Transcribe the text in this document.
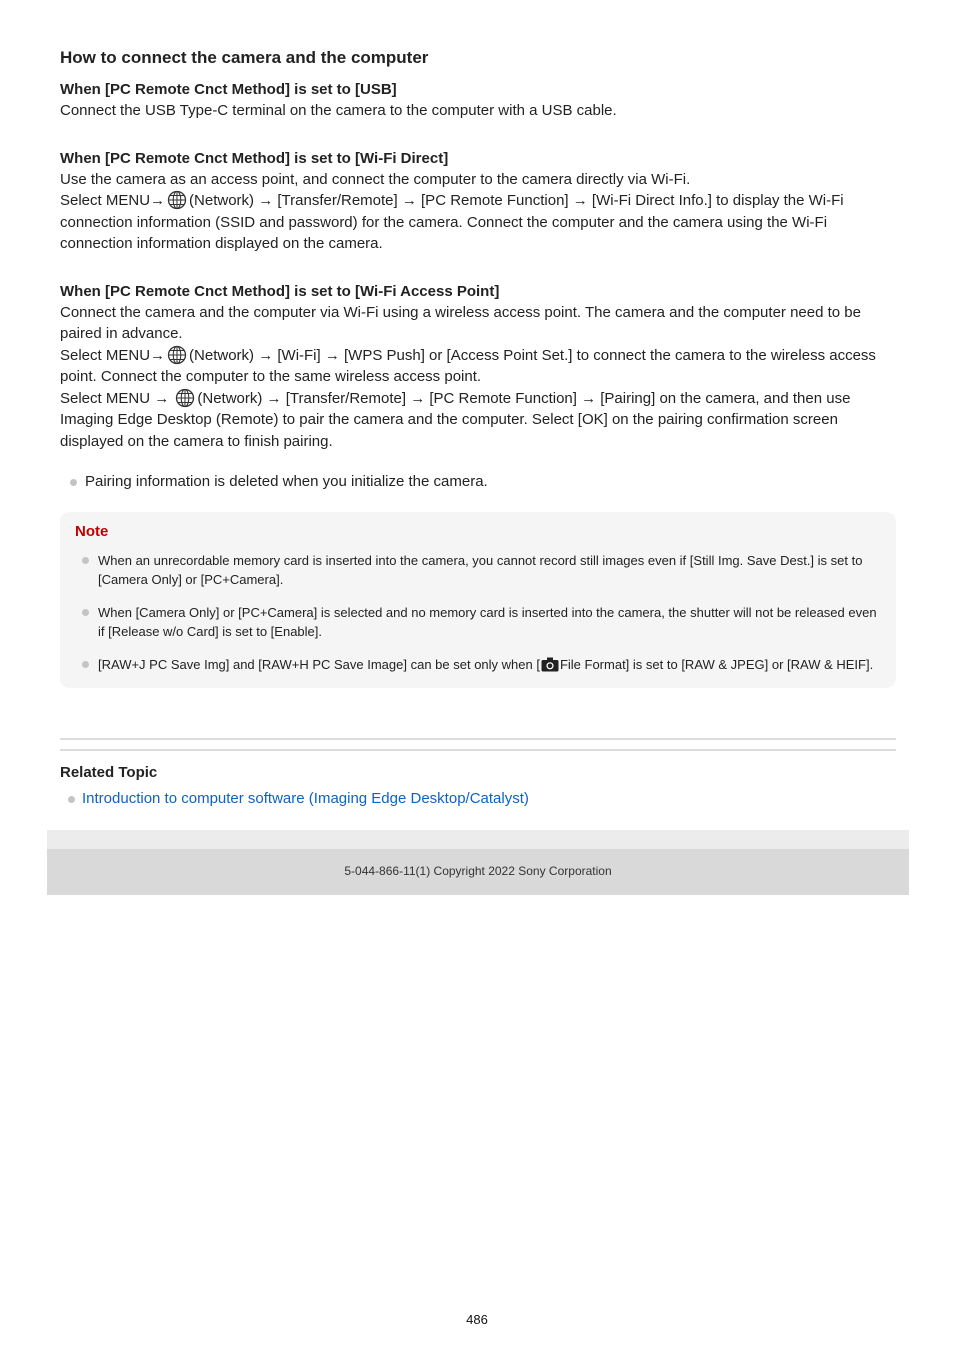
How to connect the camera and the computer
When [PC Remote Cnct Method] is set to [USB]

Connect the USB Type-C terminal on the camera to the computer with a USB cable.

When [PC Remote Cnct Method] is set to [Wi-Fi Direct]

Use the camera as an access point, and connect the computer to the camera directly via Wi-Fi.

Select MENU→ (Network) → [Transfer/Remote] → [PC Remote Function] → [Wi-Fi Direct Info.] to display the Wi-Fi connection information (SSID and password) for the camera. Connect the computer and the camera using the Wi-Fi connection information displayed on the camera.

When [PC Remote Cnct Method] is set to [Wi-Fi Access Point]

Connect the camera and the computer via Wi-Fi using a wireless access point. The camera and the computer need to be paired in advance.

Select MENU→ (Network) → [Wi-Fi] → [WPS Push] or [Access Point Set.] to connect the camera to the wireless access point. Connect the computer to the same wireless access point.

Select MENU → (Network) → [Transfer/Remote] → [PC Remote Function] → [Pairing] on the camera, and then use Imaging Edge Desktop (Remote) to pair the camera and the computer. Select [OK] on the pairing confirmation screen displayed on the camera to finish pairing.

Pairing information is deleted when you initialize the camera.
Note
When an unrecordable memory card is inserted into the camera, you cannot record still images even if [Still Img. Save Dest.] is set to [Camera Only] or [PC+Camera].
When [Camera Only] or [PC+Camera] is selected and no memory card is inserted into the camera, the shutter will not be released even if [Release w/o Card] is set to [Enable].
[RAW+J PC Save Img] and [RAW+H PC Save Image] can be set only when [ File Format] is set to [RAW & JPEG] or [RAW & HEIF].
Related Topic
Introduction to computer software (Imaging Edge Desktop/Catalyst)
5-044-866-11(1) Copyright 2022 Sony Corporation
486
